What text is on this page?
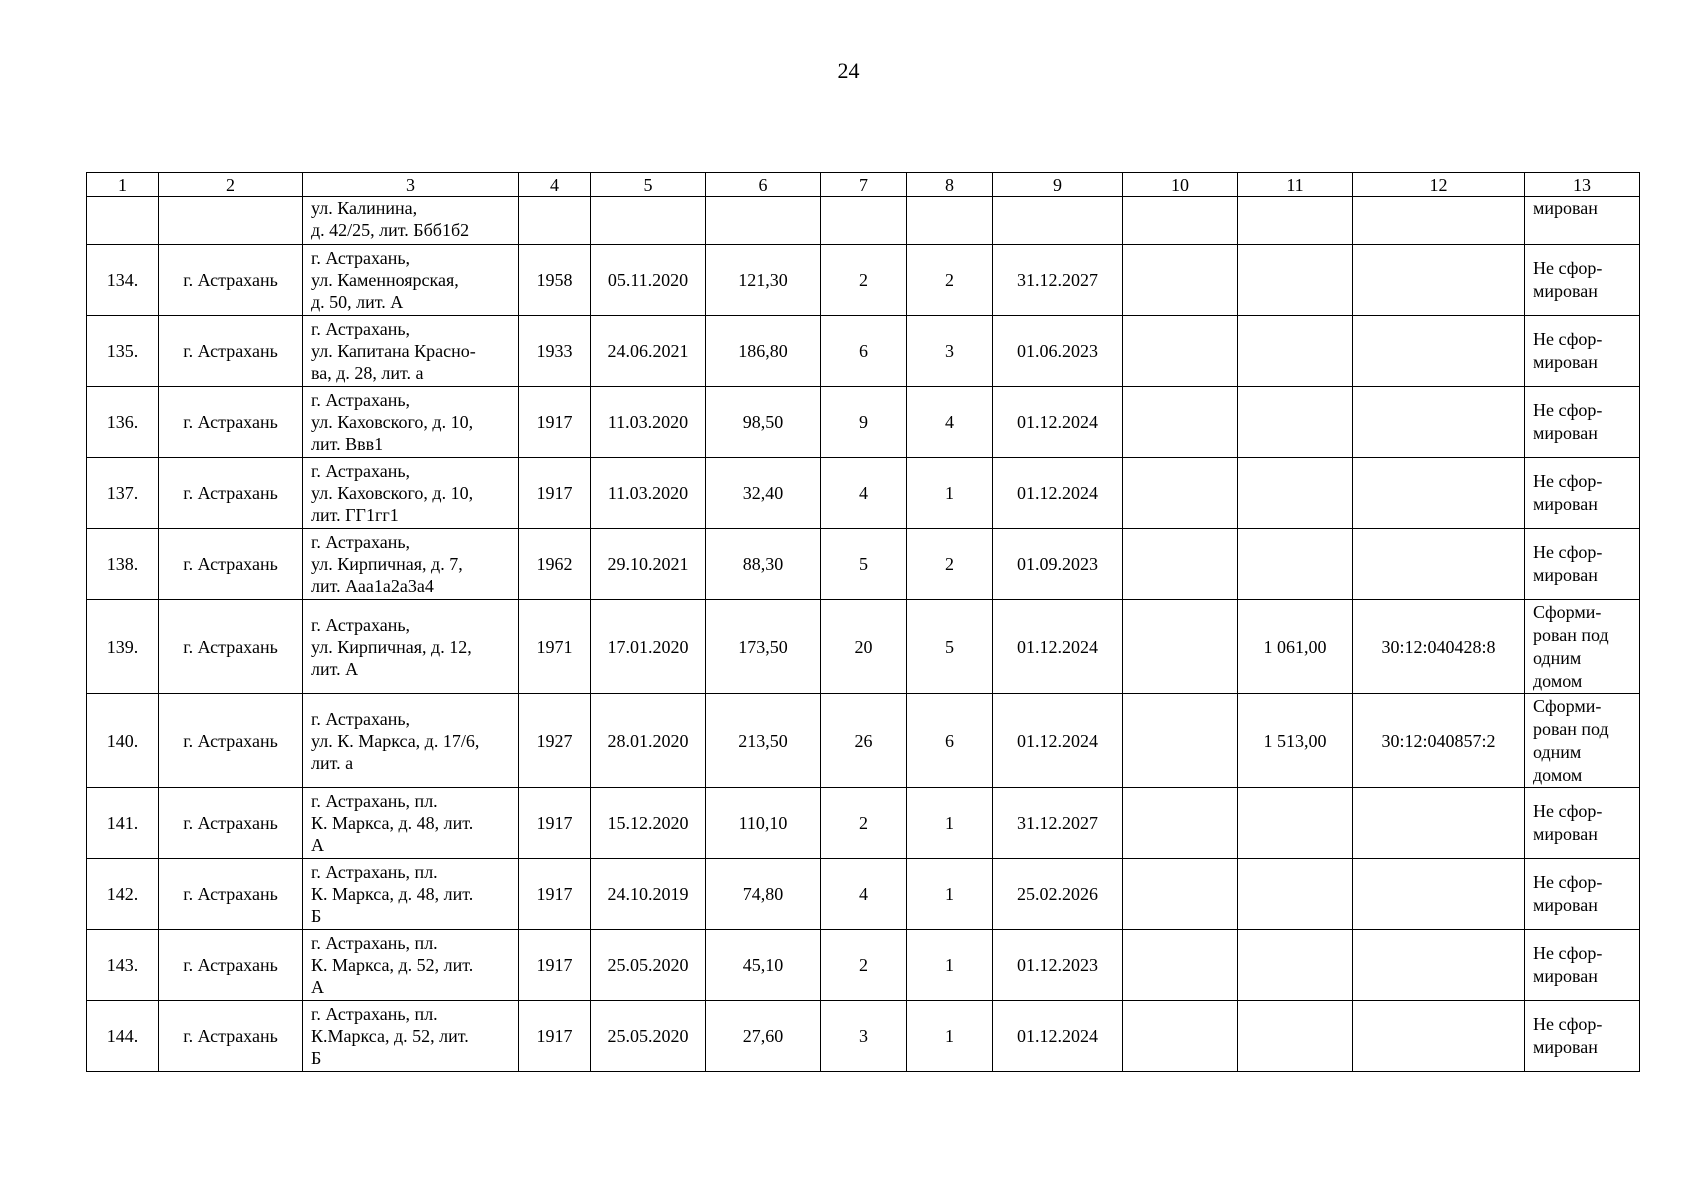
24
1	2	3	4	5	6	7	8	9	10	11	12	13

		ул. Калинина,
д. 42/25, лит. Ббб1б2										мирован

134.	г. Астрахань	г. Астрахань,
ул. Каменноярская,
д. 50, лит. А	1958	05.11.2020	121,30	2	2	31.12.2027				Не сфор-
мирован

135.	г. Астрахань	г. Астрахань,
ул. Капитана Красно-
ва, д. 28, лит. а	1933	24.06.2021	186,80	6	3	01.06.2023				Не сфор-
мирован

136.	г. Астрахань	г. Астрахань,
ул. Каховского, д. 10,
лит. Ввв1	1917	11.03.2020	98,50	9	4	01.12.2024				Не сфор-
мирован

137.	г. Астрахань	г. Астрахань,
ул. Каховского, д. 10,
лит. ГГ1гг1	1917	11.03.2020	32,40	4	1	01.12.2024				Не сфор-
мирован

138.	г. Астрахань	г. Астрахань,
ул. Кирпичная, д. 7,
лит. Ааа1а2а3а4	1962	29.10.2021	88,30	5	2	01.09.2023				Не сфор-
мирован

139.	г. Астрахань	г. Астрахань,
ул. Кирпичная, д. 12,
лит. А	1971	17.01.2020	173,50	20	5	01.12.2024		1 061,00	30:12:040428:8	Сформи-
рован под
одним
домом

140.	г. Астрахань	г. Астрахань,
ул. К. Маркса, д. 17/6,
лит. а	1927	28.01.2020	213,50	26	6	01.12.2024		1 513,00	30:12:040857:2	Сформи-
рован под
одним
домом

141.	г. Астрахань	г. Астрахань, пл.
К. Маркса, д. 48, лит.
А	1917	15.12.2020	110,10	2	1	31.12.2027				Не сфор-
мирован

142.	г. Астрахань	г. Астрахань, пл.
К. Маркса, д. 48, лит.
Б	1917	24.10.2019	74,80	4	1	25.02.2026				Не сфор-
мирован

143.	г. Астрахань	г. Астрахань, пл.
К. Маркса, д. 52, лит.
А	1917	25.05.2020	45,10	2	1	01.12.2023				Не сфор-
мирован

144.	г. Астрахань	г. Астрахань, пл.
К.Маркса, д. 52, лит.
Б	1917	25.05.2020	27,60	3	1	01.12.2024				Не сфор-
мирован
